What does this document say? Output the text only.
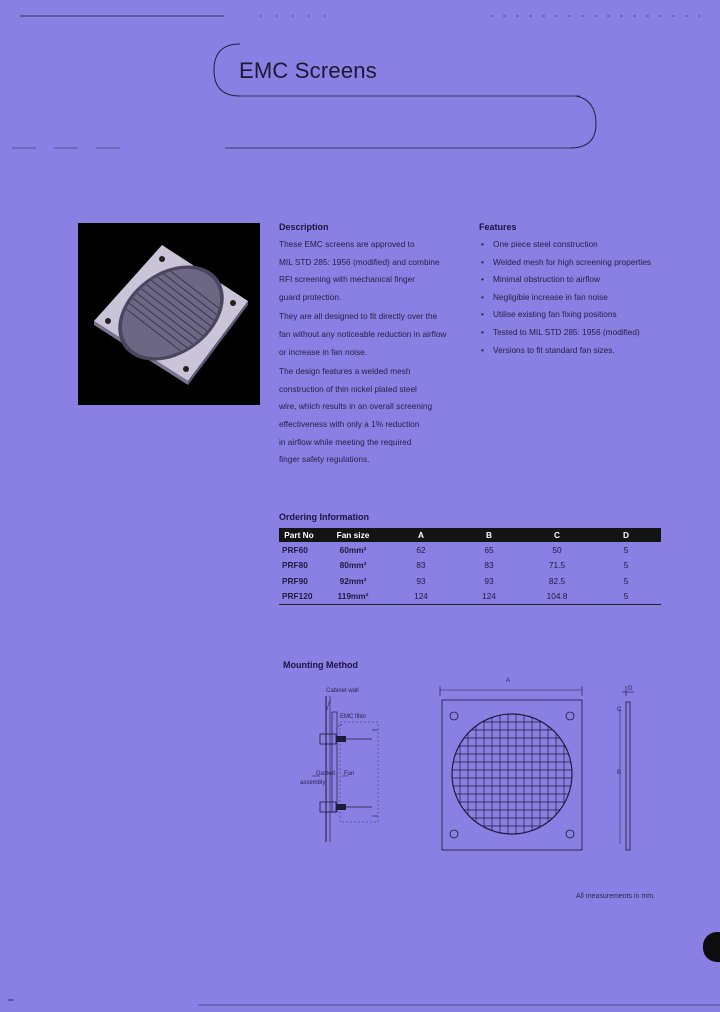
EMC Screens
Description
These EMC screens are approved to
MIL STD 285: 1956 (modified) and combine
RFI screening with mechanical finger
guard protection.
They are all designed to fit directly over the
fan without any noticeable reduction in airflow
or increase in fan noise.
The design features a welded mesh
construction of thin nickel plated steel
wire, which results in an overall screening
effectiveness with only a 1% reduction
in airflow while meeting the required
finger safety regulations.
Features
• One piece steel construction
• Welded mesh for high screening properties
• Minimal obstruction to airflow
• Negligible increase in fan noise
• Utilise existing fan fixing positions
• Tested to MIL STD 285: 1956 (modified)
• Versions to fit standard fan sizes.
Ordering Information
Part No	Fan size	A	B	C	D
PRF60	60mm²	62	65	50	5
PRF80	80mm²	83	83	71.5	5
PRF90	92mm²	93	93	82.5	5
PRF120	119mm²	124	124	104.8	5
Mounting Method
Cabinet wall
EMC filter
Fan
Gasket
assembly
A
D
C
B
All measurements in mm.
